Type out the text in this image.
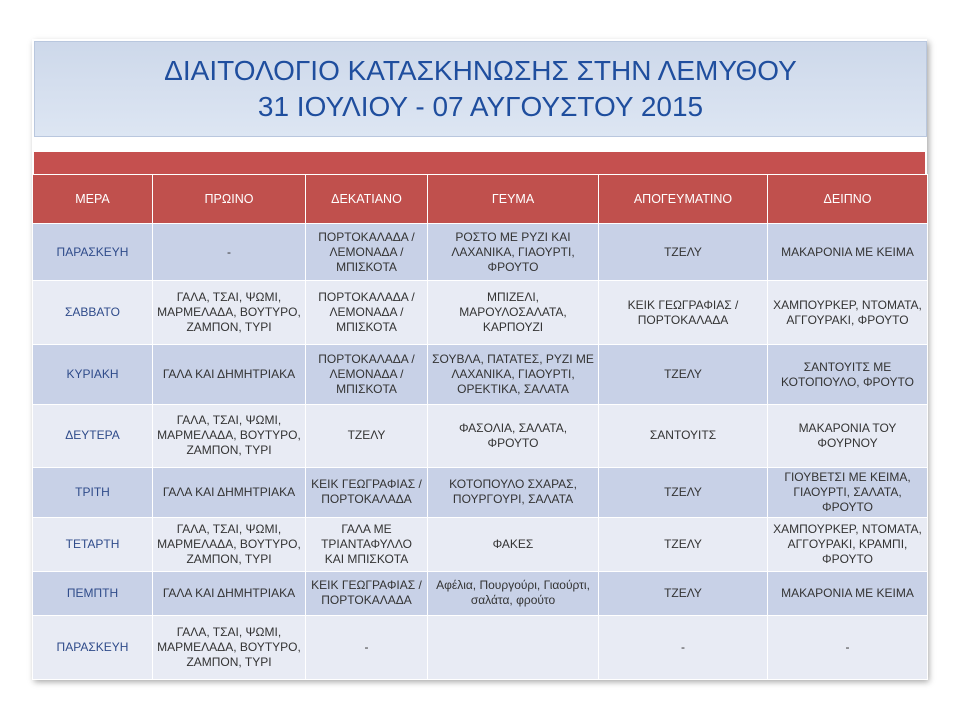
ΔΙΑΙΤΟΛΟΓΙΟ ΚΑΤΑΣΚΗΝΩΣΗΣ ΣΤΗΝ ΛΕΜΥΘΟΥ
31 ΙΟΥΛΙΟΥ - 07 ΑΥΓΟΥΣΤΟΥ 2015
ΜΕΡΑ	ΠΡΩΙΝΟ	ΔΕΚΑΤΙΑΝΟ	ΓΕΥΜΑ	ΑΠΟΓΕΥΜΑΤΙΝΟ	ΔΕΙΠΝΟ
ΠΑΡΑΣΚΕΥΗ	-	ΠΟΡΤΟΚΑΛΑΔΑ / ΛΕΜΟΝΑΔΑ / ΜΠΙΣΚΟΤΑ	ΡΟΣΤΟ ΜΕ ΡΥΖΙ ΚΑΙ ΛΑΧΑΝΙΚΑ, ΓΙΑΟΥΡΤΙ, ΦΡΟΥΤΟ	ΤΖΕΛΥ	ΜΑΚΑΡΟΝΙΑ ΜΕ ΚΕΙΜΑ
ΣΑΒΒΑΤΟ	ΓΑΛΑ, ΤΣΑΙ, ΨΩΜΙ, ΜΑΡΜΕΛΑΔΑ, ΒΟΥΤΥΡΟ, ΖΑΜΠΟΝ, ΤΥΡΙ	ΠΟΡΤΟΚΑΛΑΔΑ / ΛΕΜΟΝΑΔΑ / ΜΠΙΣΚΟΤΑ	ΜΠΙΖΕΛΙ, ΜΑΡΟΥΛΟΣΑΛΑΤΑ, ΚΑΡΠΟΥΖΙ	ΚΕΙΚ ΓΕΩΓΡΑΦΙΑΣ / ΠΟΡΤΟΚΑΛΑΔΑ	ΧΑΜΠΟΥΡΚΕΡ, ΝΤΟΜΑΤΑ, ΑΓΓΟΥΡΑΚΙ, ΦΡΟΥΤΟ
ΚΥΡΙΑΚΗ	ΓΑΛΑ ΚΑΙ ΔΗΜΗΤΡΙΑΚΑ	ΠΟΡΤΟΚΑΛΑΔΑ / ΛΕΜΟΝΑΔΑ / ΜΠΙΣΚΟΤΑ	ΣΟΥΒΛΑ, ΠΑΤΑΤΕΣ, ΡΥΖΙ ΜΕ ΛΑΧΑΝΙΚΑ, ΓΙΑΟΥΡΤΙ, ΟΡΕΚΤΙΚΑ, ΣΑΛΑΤΑ	ΤΖΕΛΥ	ΣΑΝΤΟΥΙΤΣ ΜΕ ΚΟΤΟΠΟΥΛΟ, ΦΡΟΥΤΟ
ΔΕΥΤΕΡΑ	ΓΑΛΑ, ΤΣΑΙ, ΨΩΜΙ, ΜΑΡΜΕΛΑΔΑ, ΒΟΥΤΥΡΟ, ΖΑΜΠΟΝ, ΤΥΡΙ	ΤΖΕΛΥ	ΦΑΣΟΛΙΑ, ΣΑΛΑΤΑ, ΦΡΟΥΤΟ	ΣΑΝΤΟΥΙΤΣ	ΜΑΚΑΡΟΝΙΑ ΤΟΥ ΦΟΥΡΝΟΥ
ΤΡΙΤΗ	ΓΑΛΑ ΚΑΙ ΔΗΜΗΤΡΙΑΚΑ	ΚΕΙΚ ΓΕΩΓΡΑΦΙΑΣ / ΠΟΡΤΟΚΑΛΑΔΑ	ΚΟΤΟΠΟΥΛΟ ΣΧΑΡΑΣ, ΠΟΥΡΓΟΥΡΙ, ΣΑΛΑΤΑ	ΤΖΕΛΥ	ΓΙΟΥΒΕΤΣΙ ΜΕ ΚΕΙΜΑ, ΓΙΑΟΥΡΤΙ, ΣΑΛΑΤΑ, ΦΡΟΥΤΟ
ΤΕΤΑΡΤΗ	ΓΑΛΑ, ΤΣΑΙ, ΨΩΜΙ, ΜΑΡΜΕΛΑΔΑ, ΒΟΥΤΥΡΟ, ΖΑΜΠΟΝ, ΤΥΡΙ	ΓΑΛΑ ΜΕ ΤΡΙΑΝΤΑΦΥΛΛΟ ΚΑΙ ΜΠΙΣΚΟΤΑ	ΦΑΚΕΣ	ΤΖΕΛΥ	ΧΑΜΠΟΥΡΚΕΡ, ΝΤΟΜΑΤΑ, ΑΓΓΟΥΡΑΚΙ, ΚΡΑΜΠΙ, ΦΡΟΥΤΟ
ΠΕΜΠΤΗ	ΓΑΛΑ ΚΑΙ ΔΗΜΗΤΡΙΑΚΑ	ΚΕΙΚ ΓΕΩΓΡΑΦΙΑΣ / ΠΟΡΤΟΚΑΛΑΔΑ	Αφέλια, Πουργούρι, Γιαούρτι, σαλάτα, φρούτο	ΤΖΕΛΥ	ΜΑΚΑΡΟΝΙΑ ΜΕ ΚΕΙΜΑ
ΠΑΡΑΣΚΕΥΗ	ΓΑΛΑ, ΤΣΑΙ, ΨΩΜΙ, ΜΑΡΜΕΛΑΔΑ, ΒΟΥΤΥΡΟ, ΖΑΜΠΟΝ, ΤΥΡΙ	-		-	-
